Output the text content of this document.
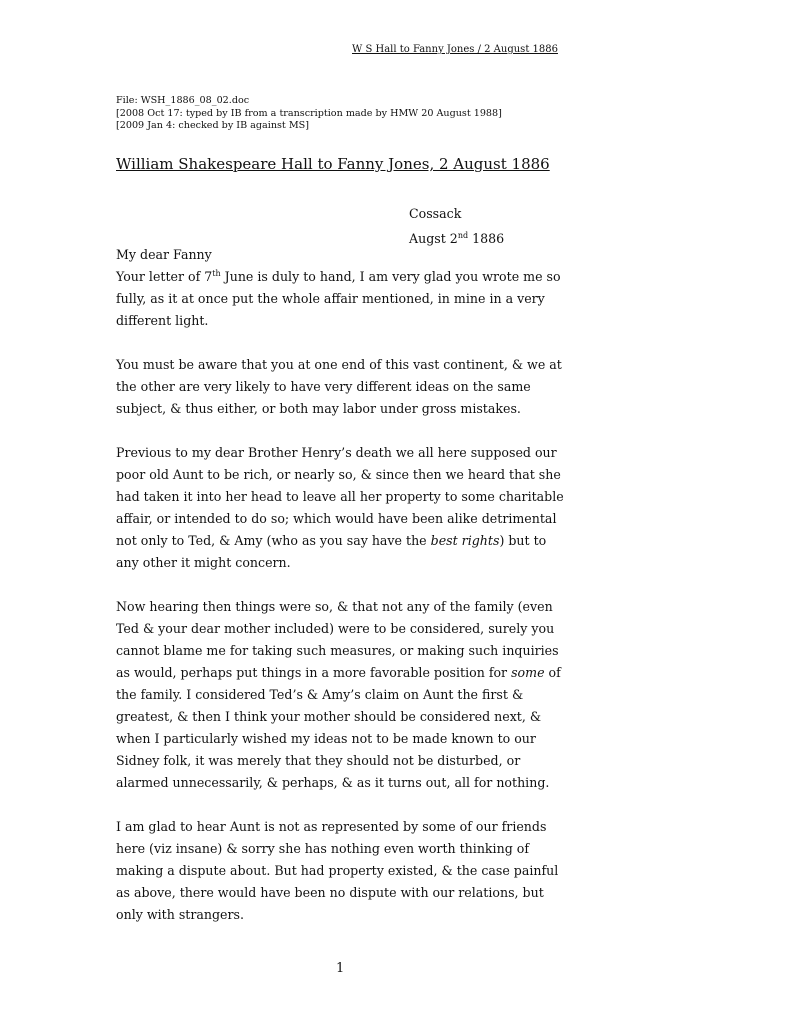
W S Hall to Fanny Jones / 2 August 1886
File: WSH_1886_08_02.doc
[2008 Oct 17: typed by IB from a transcription made by HMW 20 August 1988]
[2009 Jan 4: checked by IB against MS]
William Shakespeare Hall to Fanny Jones, 2 August 1886
Cossack
Augst 2nd 1886

My dear Fanny

Your letter of 7th June is duly to hand, I am very glad you wrote me so
fully, as it at once put the whole affair mentioned, in mine in a very
different light.

You must be aware that you at one end of this vast continent, & we at
the other are very likely to have very different ideas on the same
subject, & thus either, or both may labor under gross mistakes.

Previous to my dear Brother Henry’s death we all here supposed our
poor old Aunt to be rich, or nearly so, & since then we heard that she
had taken it into her head to leave all her property to some charitable
affair, or intended to do so; which would have been alike detrimental
not only to Ted, & Amy (who as you say have the best rights) but to
any other it might concern.

Now hearing then things were so, & that not any of the family (even
Ted & your dear mother included) were to be considered, surely you
cannot blame me for taking such measures, or making such inquiries
as would, perhaps put things in a more favorable position for some of
the family. I considered Ted’s & Amy’s claim on Aunt the first &
greatest, & then I think your mother should be considered next, &
when I particularly wished my ideas not to be made known to our
Sidney folk, it was merely that they should not be disturbed, or
alarmed unnecessarily, & perhaps, & as it turns out, all for nothing.

I am glad to hear Aunt is not as represented by some of our friends
here (viz insane) & sorry she has nothing even worth thinking of
making a dispute about. But had property existed, & the case painful
as above, there would have been no dispute with our relations, but
only with strangers.

1
